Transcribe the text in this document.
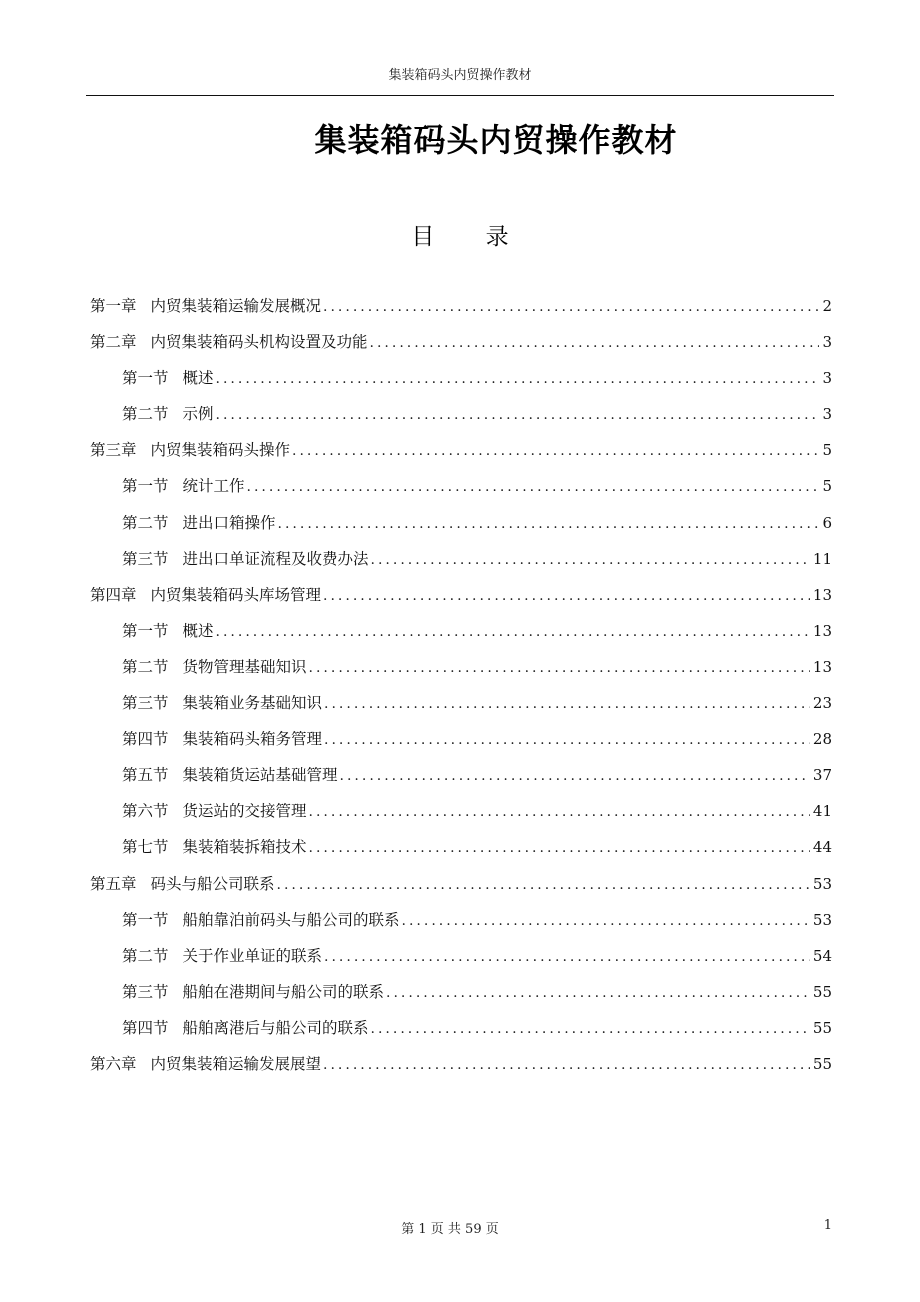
集装箱码头内贸操作教材
集装箱码头内贸操作教材
目 录
第一章 内贸集装箱运输发展概况 .....	2
第二章 内贸集装箱码头机构设置及功能 .....	3
第一节 概述 .....	3
第二节 示例 .....	3
第三章 内贸集装箱码头操作 .....	5
第一节 统计工作 .....	5
第二节 进出口箱操作 .....	6
第三节 进出口单证流程及收费办法 .....	11
第四章 内贸集装箱码头库场管理 .....	13
第一节 概述 .....	13
第二节 货物管理基础知识 .....	13
第三节 集装箱业务基础知识 .....	23
第四节 集装箱码头箱务管理 .....	28
第五节 集装箱货运站基础管理 .....	37
第六节 货运站的交接管理 .....	41
第七节 集装箱装拆箱技术 .....	44
第五章 码头与船公司联系 .....	53
第一节 船舶靠泊前码头与船公司的联系 .....	53
第二节 关于作业单证的联系 .....	54
第三节 船舶在港期间与船公司的联系 .....	55
第四节 船舶离港后与船公司的联系 .....	55
第六章 内贸集装箱运输发展展望 .....	55
第 1 页 共 59 页	1
